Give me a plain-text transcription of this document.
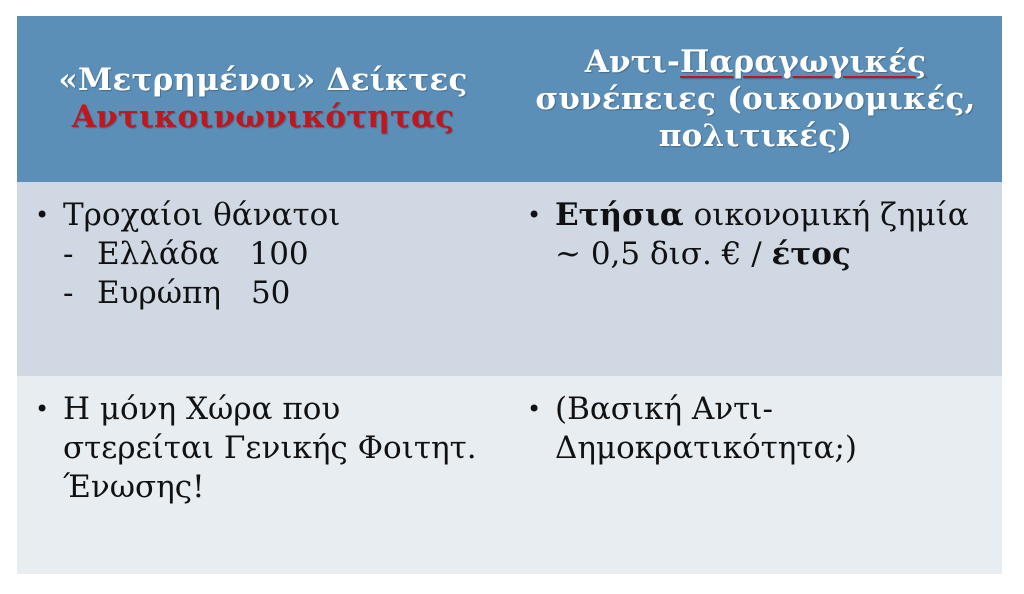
«Μετρημένοι» Δείκτες
Αντικοινωνικότητας
Αντι-Παραγωγικές
συνέπειες (οικονομικές,
πολιτικές)
• Τροχαίοι θάνατοι
- Ελλάδα 100
- Ευρώπη 50
• Ετήσια οικονομική ζημία
~ 0,5 δισ. € / έτος
• Η μόνη Χώρα που
στερείται Γενικής Φοιτητ.
Ένωσης!
• (Βασική Αντι-
Δημοκρατικότητα;)
